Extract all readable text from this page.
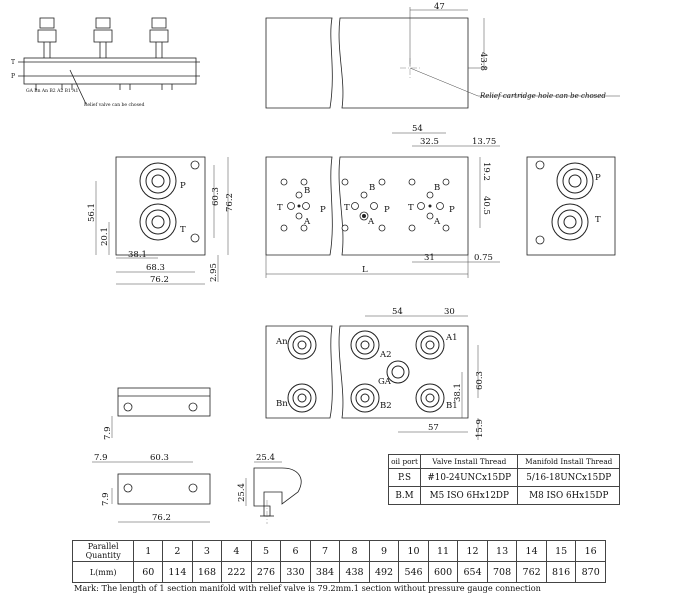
T
P
GA Bn An B2 A2 B1 A1
Relief valve can be chosed
47
43.8
Relief cartridge hole can be chosed
P
T
56.1
20.1
60.3 76.2
2.95
38.1
68.3
76.2
B
T	P
A
B
T	P
A
B
T	P
A
54
32.5	13.75
19.2
40.5
31	0.75
L
P
T
An
Bn
A2
B2
A1
B1
GA
54	30
38.1
60.3
57	15.9
7.9
7.9	60.3
7.9
76.2
25.4
25.4
oil port	Valve Install Thread	Manifold Install Thread
P.S	#10-24UNCx15DP	5/16-18UNCx15DP
B.M	M5 ISO 6Hx12DP	M8 ISO 6Hx15DP
Parallel Quantity	1	2	3	4	5	6	7	8	9	10	11	12	13	14	15	16
L(mm)	60	114	168	222	276	330	384	438	492	546	600	654	708	762	816	870
Mark: The length of 1 section manifold with relief valve is 79.2mm.1 section without pressure gauge connection
